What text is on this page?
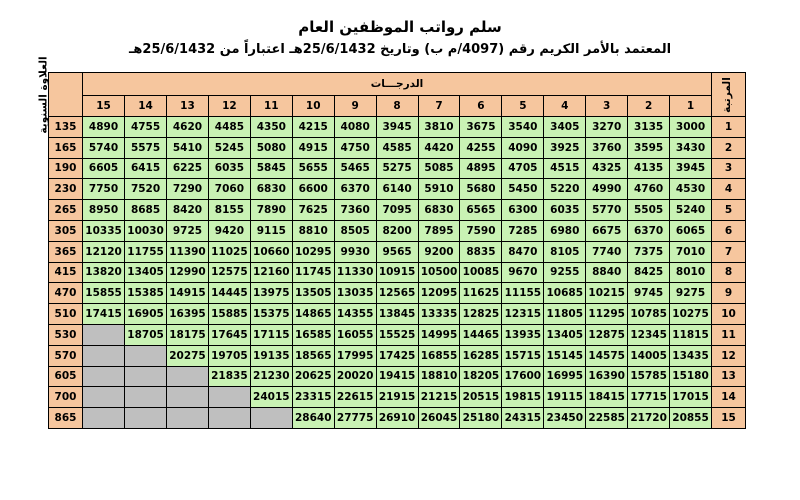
سلم رواتب الموظفين العام
المعتمد بالأمر الكريم رقم (4097/م ب) وتاريخ 25/6/1432هـ اعتباراً من 25/6/1432هـ
المرتبة	الدرجـــات															العلاوة السنوية
	1	2	3	4	5	6	7	8	9	10	11	12	13	14	15	
1	3000	3135	3270	3405	3540	3675	3810	3945	4080	4215	4350	4485	4620	4755	4890	135
2	3430	3595	3760	3925	4090	4255	4420	4585	4750	4915	5080	5245	5410	5575	5740	165
3	3945	4135	4325	4515	4705	4895	5085	5275	5465	5655	5845	6035	6225	6415	6605	190
4	4530	4760	4990	5220	5450	5680	5910	6140	6370	6600	6830	7060	7290	7520	7750	230
5	5240	5505	5770	6035	6300	6565	6830	7095	7360	7625	7890	8155	8420	8685	8950	265
6	6065	6370	6675	6980	7285	7590	7895	8200	8505	8810	9115	9420	9725	10030	10335	305
7	7010	7375	7740	8105	8470	8835	9200	9565	9930	10295	10660	11025	11390	11755	12120	365
8	8010	8425	8840	9255	9670	10085	10500	10915	11330	11745	12160	12575	12990	13405	13820	415
9	9275	9745	10215	10685	11155	11625	12095	12565	13035	13505	13975	14445	14915	15385	15855	470
10	10275	10785	11295	11805	12315	12825	13335	13845	14355	14865	15375	15885	16395	16905	17415	510
11	11815	12345	12875	13405	13935	14465	14995	15525	16055	16585	17115	17645	18175	18705		530
12	13435	14005	14575	15145	15715	16285	16855	17425	17995	18565	19135	19705	20275			570
13	15180	15785	16390	16995	17600	18205	18810	19415	20020	20625	21230	21835				605
14	17015	17715	18415	19115	19815	20515	21215	21915	22615	23315	24015					700
15	20855	21720	22585	23450	24315	25180	26045	26910	27775	28640						865
